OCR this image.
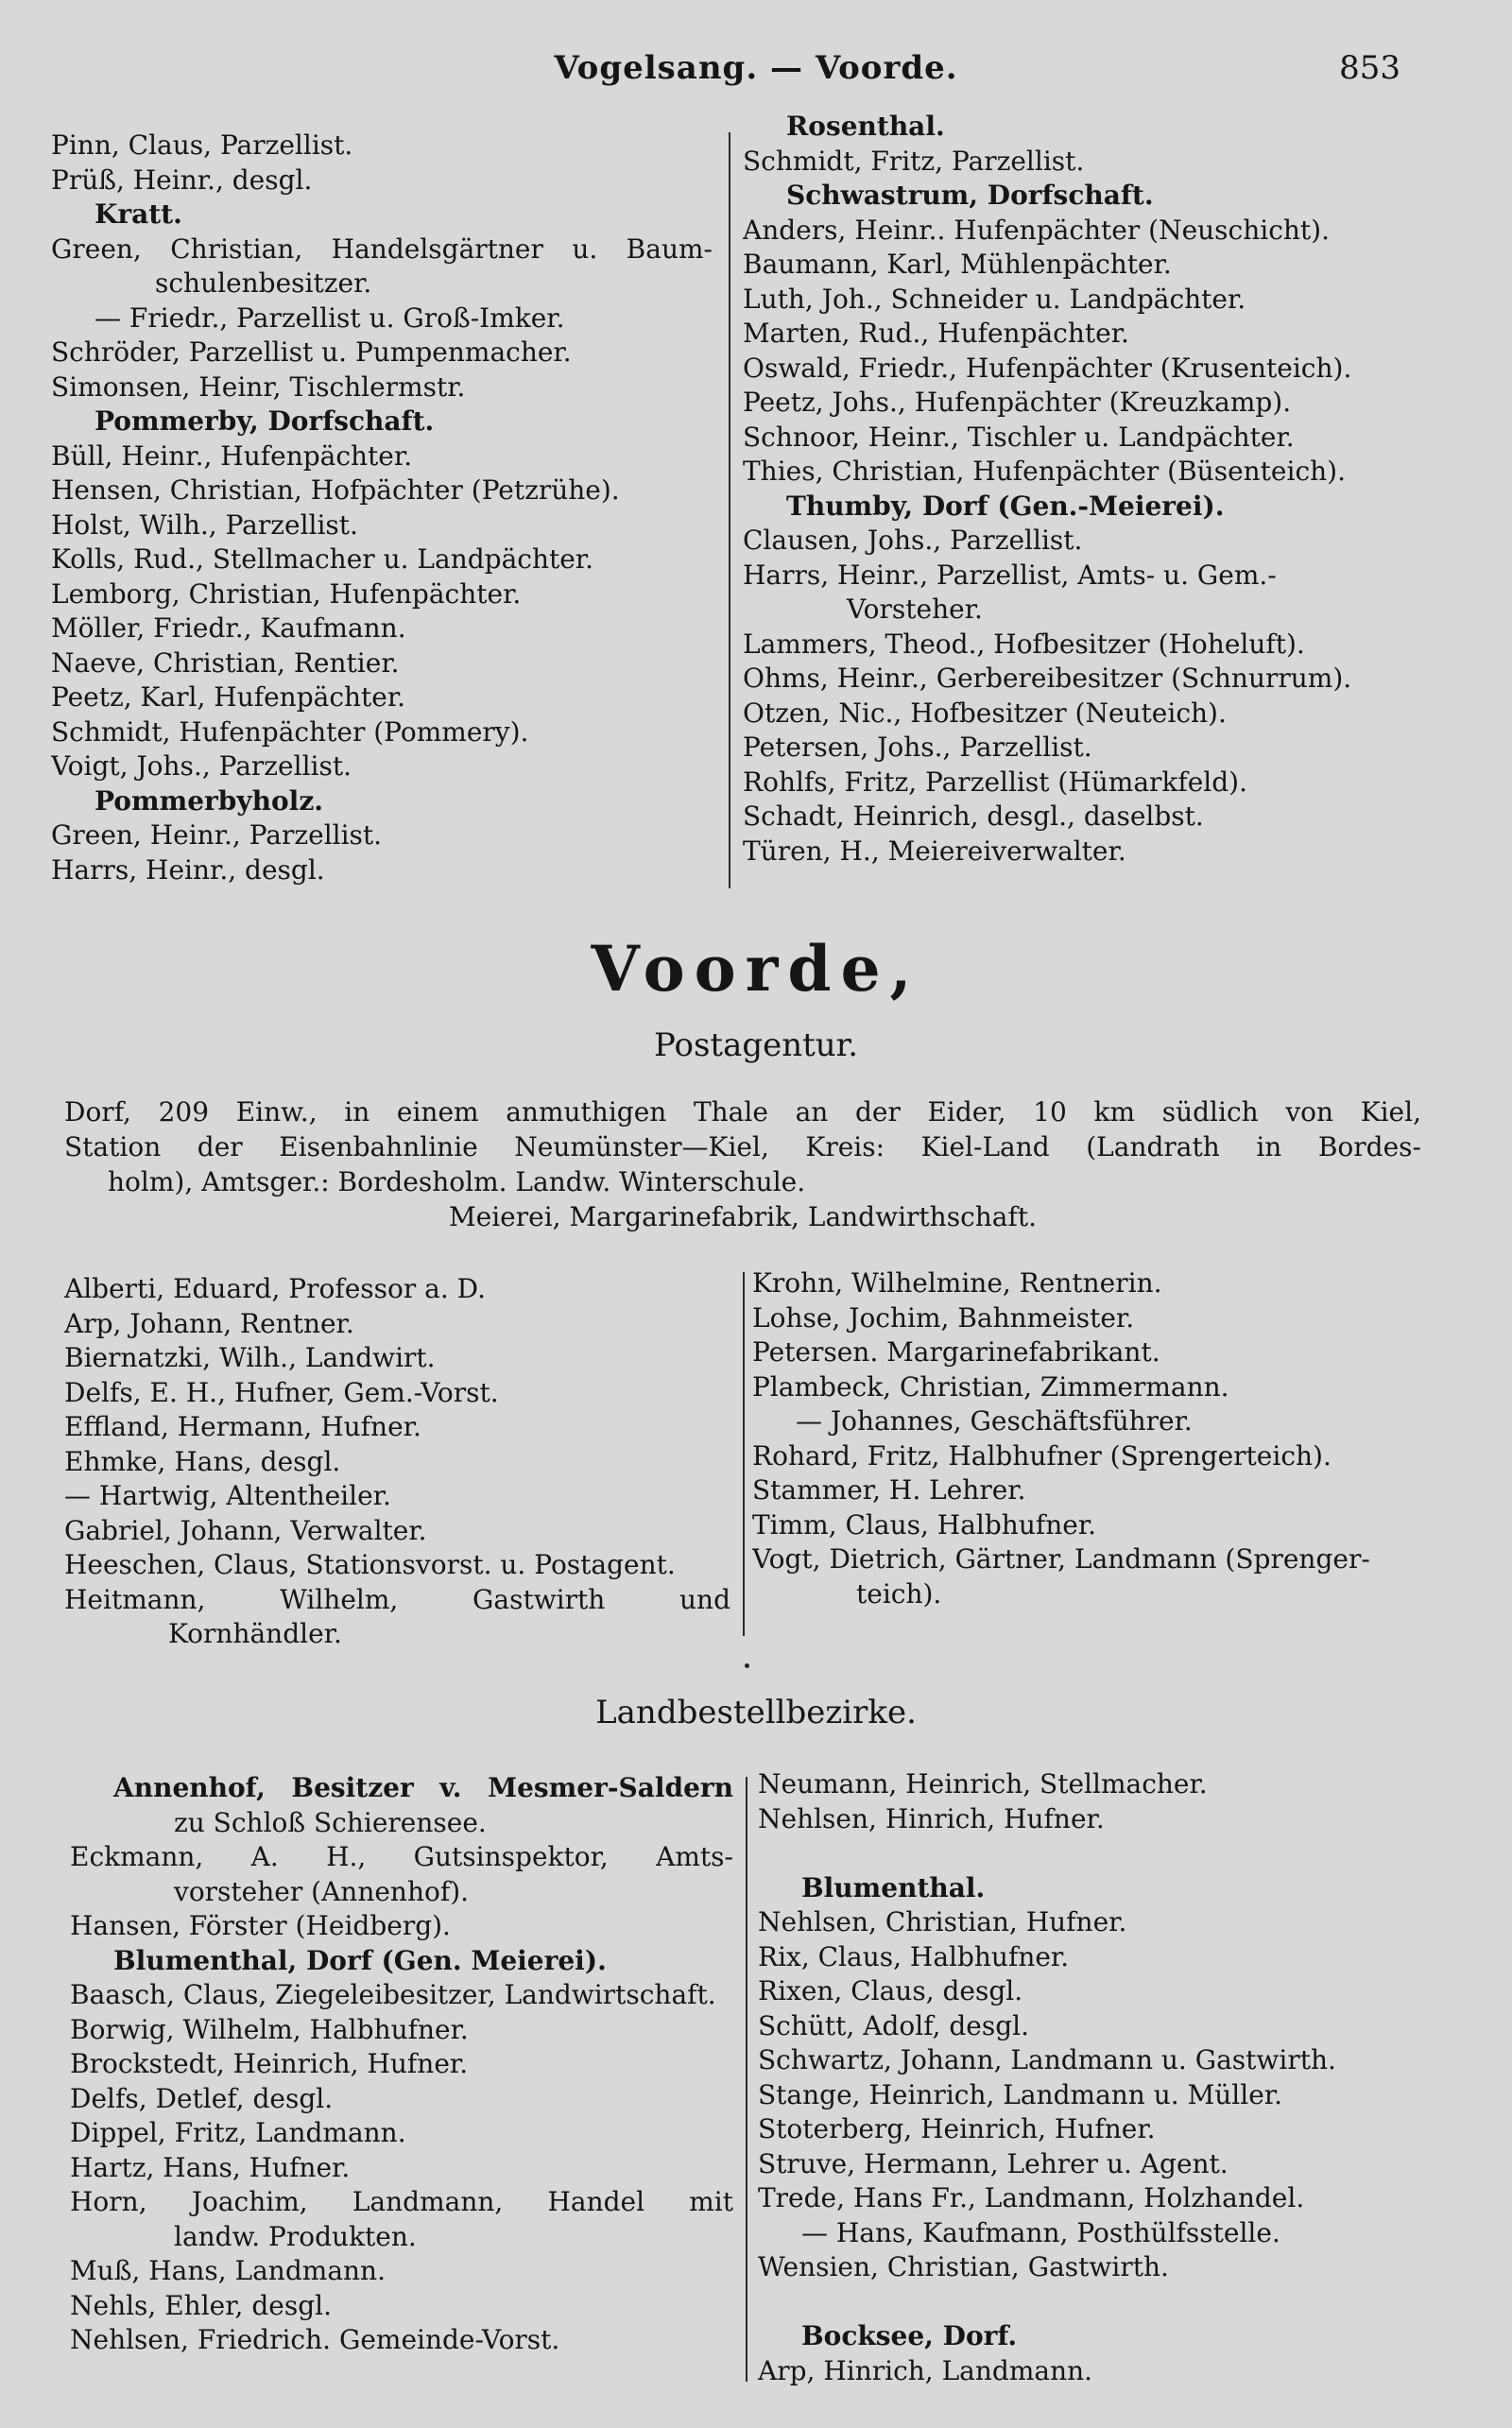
Vogelsang. — Voorde.	853
Pinn, Claus, Parzellist.
Prüß, Heinr., desgl.
Kratt.
Green, Christian, Handelsgärtner u. Baum-
schulenbesitzer.
— Friedr., Parzellist u. Groß-Imker.
Schröder, Parzellist u. Pumpenmacher.
Simonsen, Heinr, Tischlermstr.
Pommerby, Dorfschaft.
Büll, Heinr., Hufenpächter.
Hensen, Christian, Hofpächter (Petzrühe).
Holst, Wilh., Parzellist.
Kolls, Rud., Stellmacher u. Landpächter.
Lemborg, Christian, Hufenpächter.
Möller, Friedr., Kaufmann.
Naeve, Christian, Rentier.
Peetz, Karl, Hufenpächter.
Schmidt, Hufenpächter (Pommery).
Voigt, Johs., Parzellist.
Pommerbyholz.
Green, Heinr., Parzellist.
Harrs, Heinr., desgl.
Rosenthal.
Schmidt, Fritz, Parzellist.
Schwastrum, Dorfschaft.
Anders, Heinr.. Hufenpächter (Neuschicht).
Baumann, Karl, Mühlenpächter.
Luth, Joh., Schneider u. Landpächter.
Marten, Rud., Hufenpächter.
Oswald, Friedr., Hufenpächter (Krusenteich).
Peetz, Johs., Hufenpächter (Kreuzkamp).
Schnoor, Heinr., Tischler u. Landpächter.
Thies, Christian, Hufenpächter (Büsenteich).
Thumby, Dorf (Gen.-Meierei).
Clausen, Johs., Parzellist.
Harrs, Heinr., Parzellist, Amts- u. Gem.-
Vorsteher.
Lammers, Theod., Hofbesitzer (Hoheluft).
Ohms, Heinr., Gerbereibesitzer (Schnurrum).
Otzen, Nic., Hofbesitzer (Neuteich).
Petersen, Johs., Parzellist.
Rohlfs, Fritz, Parzellist (Hümarkfeld).
Schadt, Heinrich, desgl., daselbst.
Türen, H., Meiereiverwalter.
Voorde,
Postagentur.
Dorf, 209 Einw., in einem anmuthigen Thale an der Eider, 10 km südlich von Kiel,
Station der Eisenbahnlinie Neumünster—Kiel, Kreis: Kiel-Land (Landrath in Bordes-
holm), Amtsger.: Bordesholm. Landw. Winterschule.
Meierei, Margarinefabrik, Landwirthschaft.
Alberti, Eduard, Professor a. D.
Arp, Johann, Rentner.
Biernatzki, Wilh., Landwirt.
Delfs, E. H., Hufner, Gem.-Vorst.
Effland, Hermann, Hufner.
Ehmke, Hans, desgl.
— Hartwig, Altentheiler.
Gabriel, Johann, Verwalter.
Heeschen, Claus, Stationsvorst. u. Postagent.
Heitmann, Wilhelm, Gastwirth und
Kornhändler.
Krohn, Wilhelmine, Rentnerin.
Lohse, Jochim, Bahnmeister.
Petersen. Margarinefabrikant.
Plambeck, Christian, Zimmermann.
— Johannes, Geschäftsführer.
Rohard, Fritz, Halbhufner (Sprengerteich).
Stammer, H. Lehrer.
Timm, Claus, Halbhufner.
Vogt, Dietrich, Gärtner, Landmann (Sprenger-
teich).
Landbestellbezirke.
Annenhof, Besitzer v. Mesmer-Saldern
zu Schloß Schierensee.
Eckmann, A. H., Gutsinspektor, Amts-
vorsteher (Annenhof).
Hansen, Förster (Heidberg).
Blumenthal, Dorf (Gen. Meierei).
Baasch, Claus, Ziegeleibesitzer, Landwirtschaft.
Borwig, Wilhelm, Halbhufner.
Brockstedt, Heinrich, Hufner.
Delfs, Detlef, desgl.
Dippel, Fritz, Landmann.
Hartz, Hans, Hufner.
Horn, Joachim, Landmann, Handel mit
landw. Produkten.
Muß, Hans, Landmann.
Nehls, Ehler, desgl.
Nehlsen, Friedrich. Gemeinde-Vorst.
Neumann, Heinrich, Stellmacher.
Nehlsen, Hinrich, Hufner.
Blumenthal.
Nehlsen, Christian, Hufner.
Rix, Claus, Halbhufner.
Rixen, Claus, desgl.
Schütt, Adolf, desgl.
Schwartz, Johann, Landmann u. Gastwirth.
Stange, Heinrich, Landmann u. Müller.
Stoterberg, Heinrich, Hufner.
Struve, Hermann, Lehrer u. Agent.
Trede, Hans Fr., Landmann, Holzhandel.
— Hans, Kaufmann, Posthülfsstelle.
Wensien, Christian, Gastwirth.
Bocksee, Dorf.
Arp, Hinrich, Landmann.
